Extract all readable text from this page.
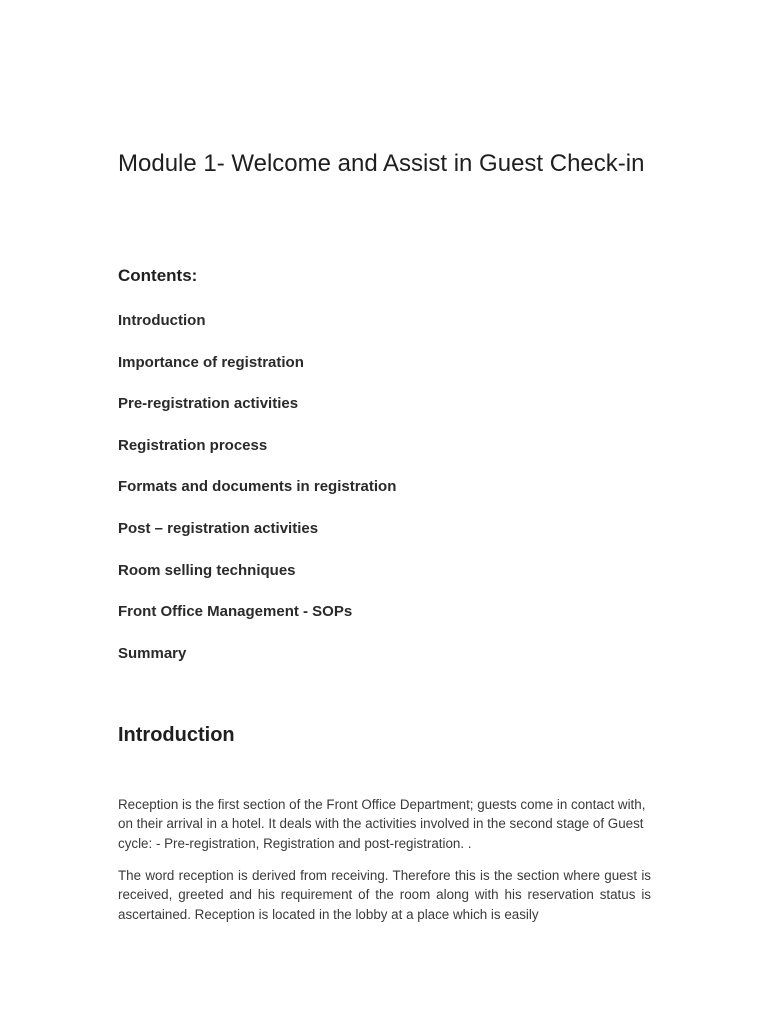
Module 1- Welcome and Assist in Guest Check-in
Contents:
Introduction
Importance of registration
Pre-registration activities
Registration process
Formats and documents in registration
Post – registration activities
Room selling techniques
Front Office Management - SOPs
Summary
Introduction

Reception is the first section of the Front Office Department; guests come in contact with, on their arrival in a hotel. It deals with the activities involved in the second stage of Guest cycle: - Pre-registration, Registration and post-registration. .

The word reception is derived from receiving. Therefore this is the section where guest is received, greeted and his requirement of the room along with his reservation status is ascertained. Reception is located in the lobby at a place which is easily
